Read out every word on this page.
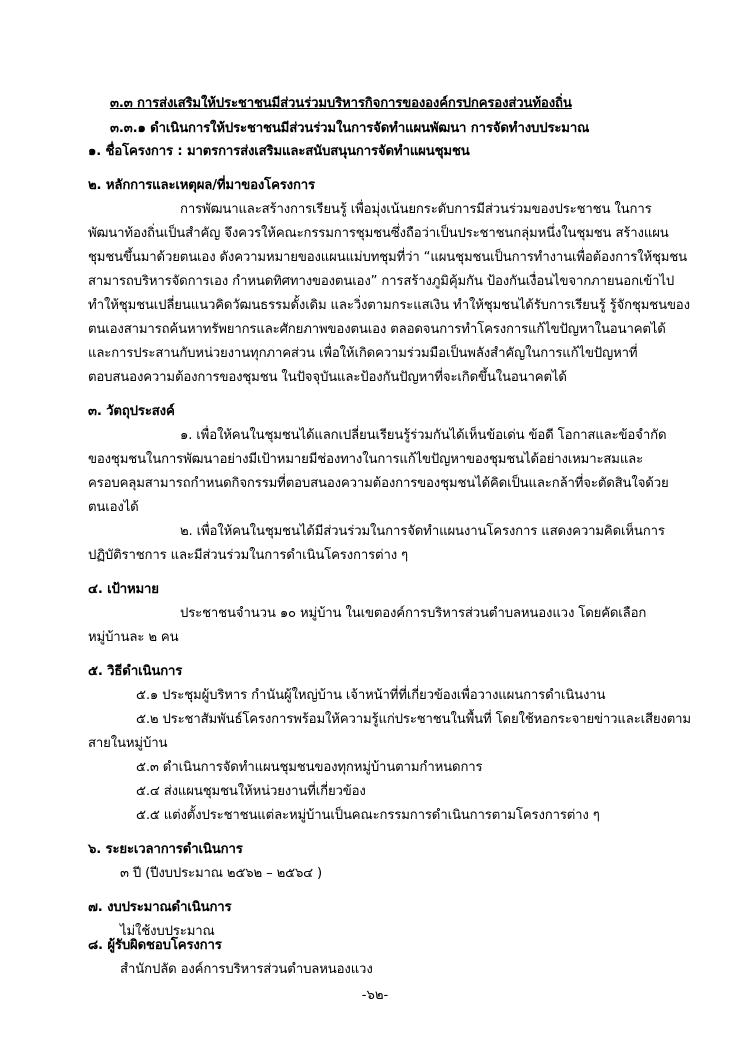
๓.๓ การส่งเสริมให้ประชาชนมีส่วนร่วมบริหารกิจการขององค์กรปกครองส่วนท้องถิ่น
๓.๓.๑ ดำเนินการให้ประชาชนมีส่วนร่วมในการจัดทำแผนพัฒนา การจัดทำงบประมาณ
๑. ชื่อโครงการ : มาตรการส่งเสริมและสนับสนุนการจัดทำแผนชุมชน
๒. หลักการและเหตุผล/ที่มาของโครงการ
การพัฒนาและสร้างการเรียนรู้ เพื่อมุ่งเน้นยกระดับการมีส่วนร่วมของประชาชน ในการ
พัฒนาท้องถิ่นเป็นสำคัญ จึงควรให้คณะกรรมการชุมชนซึ่งถือว่าเป็นประชาชนกลุ่มหนึ่งในชุมชน สร้างแผน
ชุมชนขึ้นมาด้วยตนเอง ดังความหมายของแผนแม่บทชุมที่ว่า “แผนชุมชนเป็นการทำงานเพื่อต้องการให้ชุมชน
สามารถบริหารจัดการเอง กำหนดทิศทางของตนเอง” การสร้างภูมิคุ้มกัน ป้องกันเงื่อนไขจากภายนอกเข้าไป
ทำให้ชุมชนเปลี่ยนแนวคิดวัฒนธรรมดั้งเดิม และวิ่งตามกระแสเงิน ทำให้ชุมชนได้รับการเรียนรู้ รู้จักชุมชนของ
ตนเองสามารถค้นหาทรัพยากรและศักยภาพของตนเอง ตลอดจนการทำโครงการแก้ไขปัญหาในอนาคตได้
และการประสานกับหน่วยงานทุกภาคส่วน เพื่อให้เกิดความร่วมมือเป็นพลังสำคัญในการแก้ไขปัญหาที่
ตอบสนองความต้องการของชุมชน ในปัจจุบันและป้องกันปัญหาที่จะเกิดขึ้นในอนาคตได้
๓. วัตถุประสงค์
๑. เพื่อให้คนในชุมชนได้แลกเปลี่ยนเรียนรู้ร่วมกันได้เห็นข้อเด่น ข้อดี โอกาสและข้อจำกัด
ของชุมชนในการพัฒนาอย่างมีเป้าหมายมีช่องทางในการแก้ไขปัญหาของชุมชนได้อย่างเหมาะสมและ
ครอบคลุมสามารถกำหนดกิจกรรมที่ตอบสนองความต้องการของชุมชนได้คิดเป็นและกล้าที่จะตัดสินใจด้วย
ตนเองได้
๒. เพื่อให้คนในชุมชนได้มีส่วนร่วมในการจัดทำแผนงานโครงการ แสดงความคิดเห็นการ
ปฏิบัติราชการ และมีส่วนร่วมในการดำเนินโครงการต่าง ๆ
๔. เป้าหมาย
ประชาชนจำนวน ๑๐ หมู่บ้าน ในเขตองค์การบริหารส่วนตำบลหนองแวง โดยคัดเลือก
หมู่บ้านละ ๒ คน
๕. วิธีดำเนินการ
๕.๑ ประชุมผู้บริหาร กำนันผู้ใหญ่บ้าน เจ้าหน้าที่ที่เกี่ยวข้องเพื่อวางแผนการดำเนินงาน
๕.๒ ประชาสัมพันธ์โครงการพร้อมให้ความรู้แก่ประชาชนในพื้นที่ โดยใช้หอกระจายข่าวและเสียงตาม
สายในหมู่บ้าน
๕.๓ ดำเนินการจัดทำแผนชุมชนของทุกหมู่บ้านตามกำหนดการ
๕.๔ ส่งแผนชุมชนให้หน่วยงานที่เกี่ยวข้อง
๕.๕ แต่งตั้งประชาชนแต่ละหมู่บ้านเป็นคณะกรรมการดำเนินการตามโครงการต่าง ๆ
๖. ระยะเวลาการดำเนินการ
๓ ปี (ปีงบประมาณ ๒๕๖๒ – ๒๕๖๔ )
๗. งบประมาณดำเนินการ
ไม่ใช้งบประมาณ
๘. ผู้รับผิดชอบโครงการ
สำนักปลัด องค์การบริหารส่วนตำบลหนองแวง
-๖๒-
